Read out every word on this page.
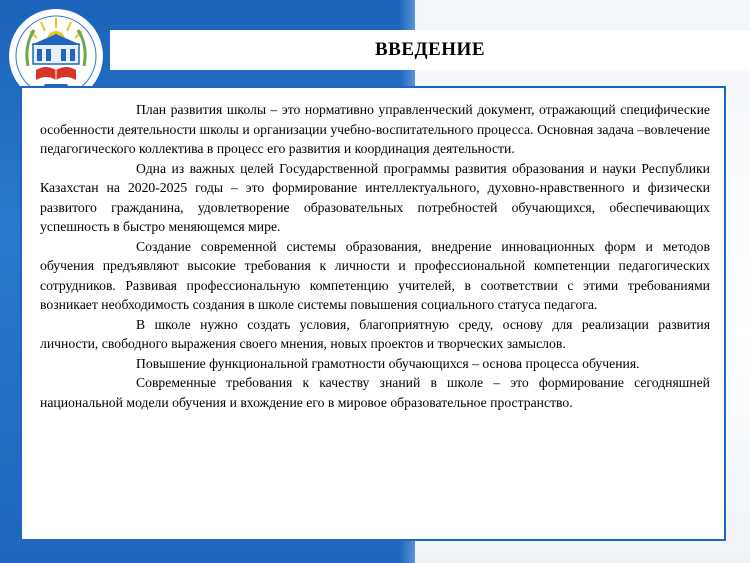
ВВЕДЕНИЕ

План развития школы – это нормативно управленческий документ, отражающий специфические особенности деятельности школы и организации учебно-воспитательного процесса. Основная задача –вовлечение педагогического коллектива в процесс его развития и координация деятельности.

Одна из важных целей Государственной программы развития образования и науки Республики Казахстан на 2020-2025 годы – это формирование интеллектуального, духовно-нравственного и физически развитого гражданина, удовлетворение образовательных потребностей обучающихся, обеспечивающих успешность в быстро меняющемся мире.

Создание современной системы образования, внедрение инновационных форм и методов обучения предъявляют высокие требования к личности и профессиональной компетенции педагогических сотрудников. Развивая профессиональную компетенцию учителей, в соответствии с этими требованиями возникает необходимость создания в школе системы повышения социального статуса педагога.

В школе нужно создать условия, благоприятную среду, основу для реализации развития личности, свободного выражения своего мнения, новых проектов и творческих замыслов.

Повышение функциональной грамотности обучающихся – основа процесса обучения.

Современные требования к качеству знаний в школе – это формирование сегодняшней национальной модели обучения и вхождение его в мировое образовательное пространство.
